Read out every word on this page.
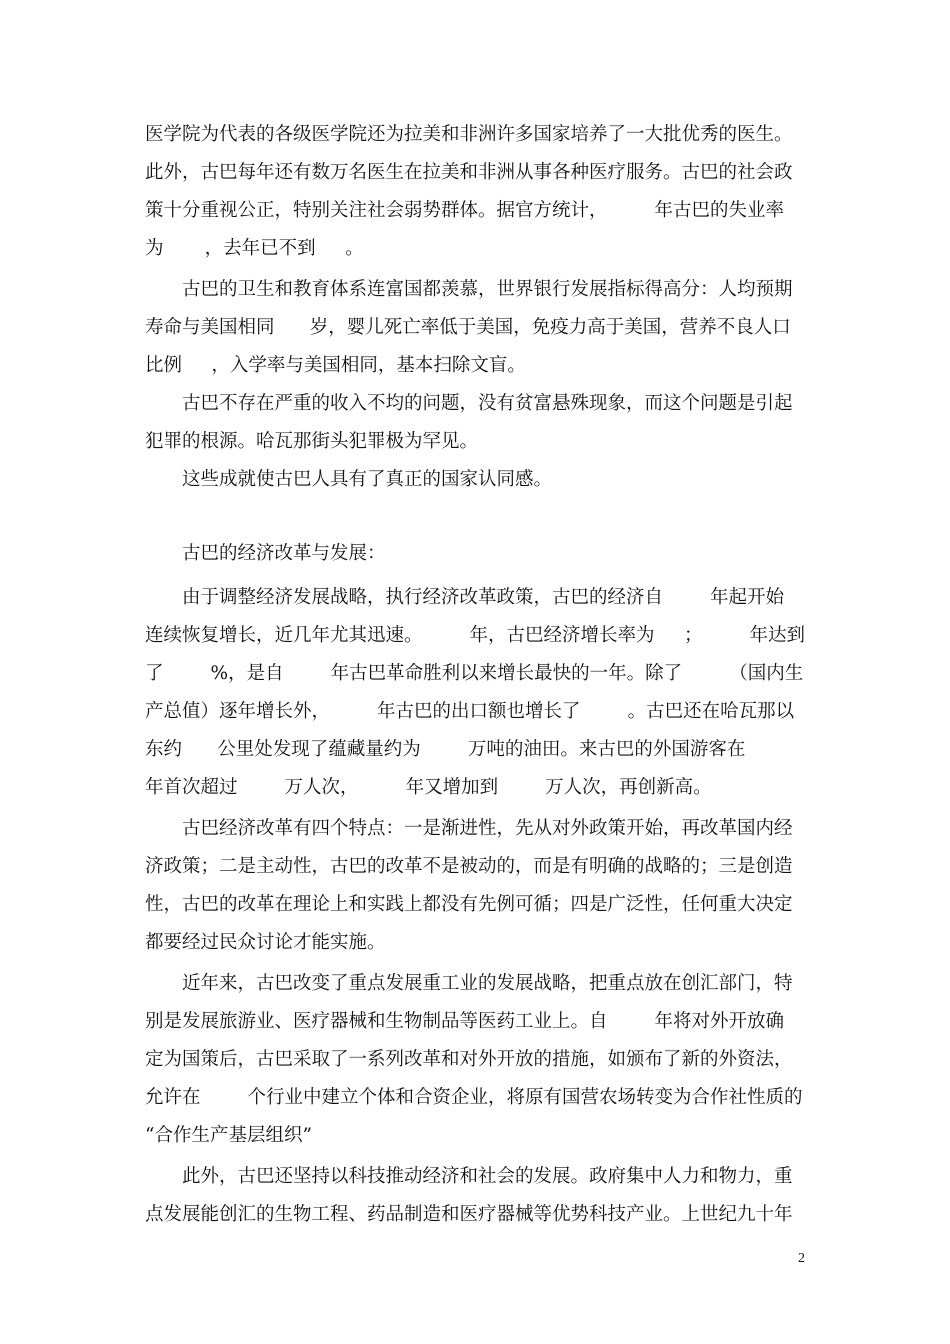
医学院为代表的各级医学院还为拉美和非洲许多国家培养了一大批优秀的医生。
此外，古巴每年还有数万名医生在拉美和非洲从事各种医疗服务。古巴的社会政
策十分重视公正，特别关注社会弱势群体。据官方统计，        年古巴的失业率
为       ，去年已不到     。
古巴的卫生和教育体系连富国都羡慕，世界银行发展指标得高分：人均预期
寿命与美国相同      岁，婴儿死亡率低于美国，免疫力高于美国，营养不良人口
比例     ，入学率与美国相同，基本扫除文盲。
古巴不存在严重的收入不均的问题，没有贫富悬殊现象，而这个问题是引起
犯罪的根源。哈瓦那街头犯罪极为罕见。
这些成就使古巴人具有了真正的国家认同感。
古巴的经济改革与发展：
由于调整经济发展战略，执行经济改革政策，古巴的经济自        年起开始
连续恢复增长，近几年尤其迅速。        年，古巴经济增长率为     ；        年达到
了        %，是自        年古巴革命胜利以来增长最快的一年。除了        （国内生
产总值）逐年增长外，        年古巴的出口额也增长了        。古巴还在哈瓦那以
东约      公里处发现了蕴藏量约为        万吨的油田。来古巴的外国游客在
年首次超过        万人次，        年又增加到        万人次，再创新高。
古巴经济改革有四个特点：一是渐进性，先从对外政策开始，再改革国内经
济政策；二是主动性，古巴的改革不是被动的，而是有明确的战略的；三是创造
性，古巴的改革在理论上和实践上都没有先例可循；四是广泛性，任何重大决定
都要经过民众讨论才能实施。
近年来，古巴改变了重点发展重工业的发展战略，把重点放在创汇部门，特
别是发展旅游业、医疗器械和生物制品等医药工业上。自        年将对外开放确
定为国策后，古巴采取了一系列改革和对外开放的措施，如颁布了新的外资法，
允许在        个行业中建立个体和合资企业，将原有国营农场转变为合作社性质的
“合作生产基层组织”
此外，古巴还坚持以科技推动经济和社会的发展。政府集中人力和物力，重
点发展能创汇的生物工程、药品制造和医疗器械等优势科技产业。上世纪九十年
2
